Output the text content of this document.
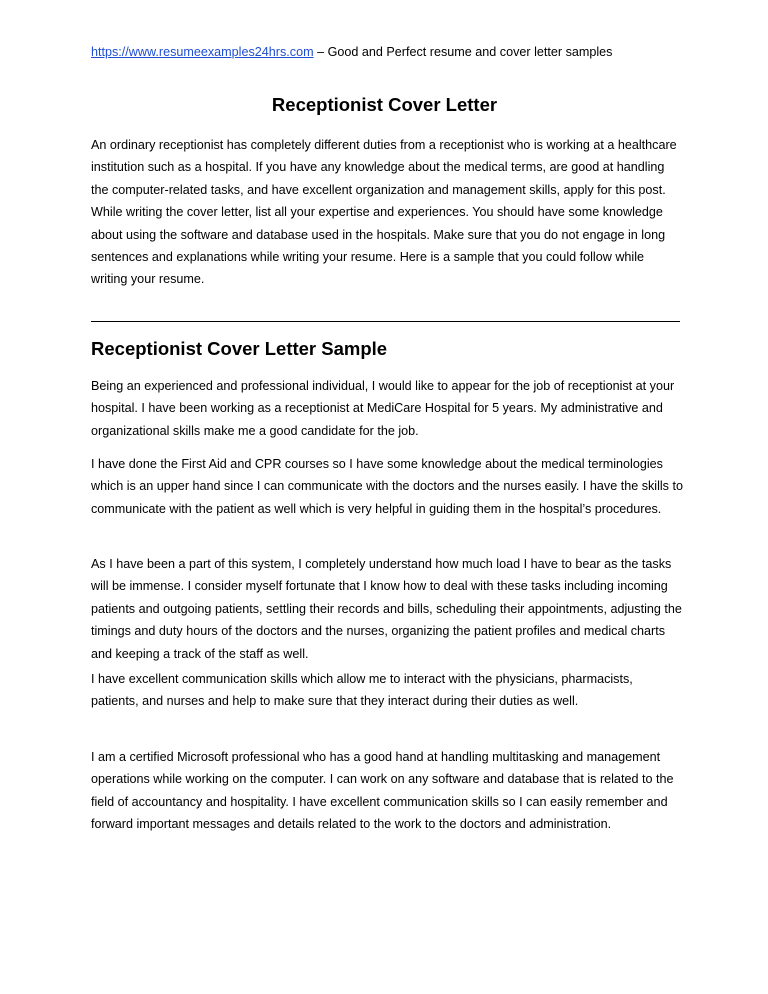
https://www.resumeexamples24hrs.com – Good and Perfect resume and cover letter samples
Receptionist Cover Letter

An ordinary receptionist has completely different duties from a receptionist who is working at a healthcare institution such as a hospital. If you have any knowledge about the medical terms, are good at handling the computer-related tasks, and have excellent organization and management skills, apply for this post. While writing the cover letter, list all your expertise and experiences. You should have some knowledge about using the software and database used in the hospitals. Make sure that you do not engage in long sentences and explanations while writing your resume. Here is a sample that you could follow while writing your resume.

Receptionist Cover Letter Sample

Being an experienced and professional individual, I would like to appear for the job of receptionist at your hospital. I have been working as a receptionist at MediCare Hospital for 5 years. My administrative and organizational skills make me a good candidate for the job.

I have done the First Aid and CPR courses so I have some knowledge about the medical terminologies which is an upper hand since I can communicate with the doctors and the nurses easily. I have the skills to communicate with the patient as well which is very helpful in guiding them in the hospital’s procedures.

As I have been a part of this system, I completely understand how much load I have to bear as the tasks will be immense. I consider myself fortunate that I know how to deal with these tasks including incoming patients and outgoing patients, settling their records and bills, scheduling their appointments, adjusting the timings and duty hours of the doctors and the nurses, organizing the patient profiles and medical charts and keeping a track of the staff as well.

I have excellent communication skills which allow me to interact with the physicians, pharmacists, patients, and nurses and help to make sure that they interact during their duties as well.

I am a certified Microsoft professional who has a good hand at handling multitasking and management operations while working on the computer. I can work on any software and database that is related to the field of accountancy and hospitality. I have excellent communication skills so I can easily remember and forward important messages and details related to the work to the doctors and administration.
